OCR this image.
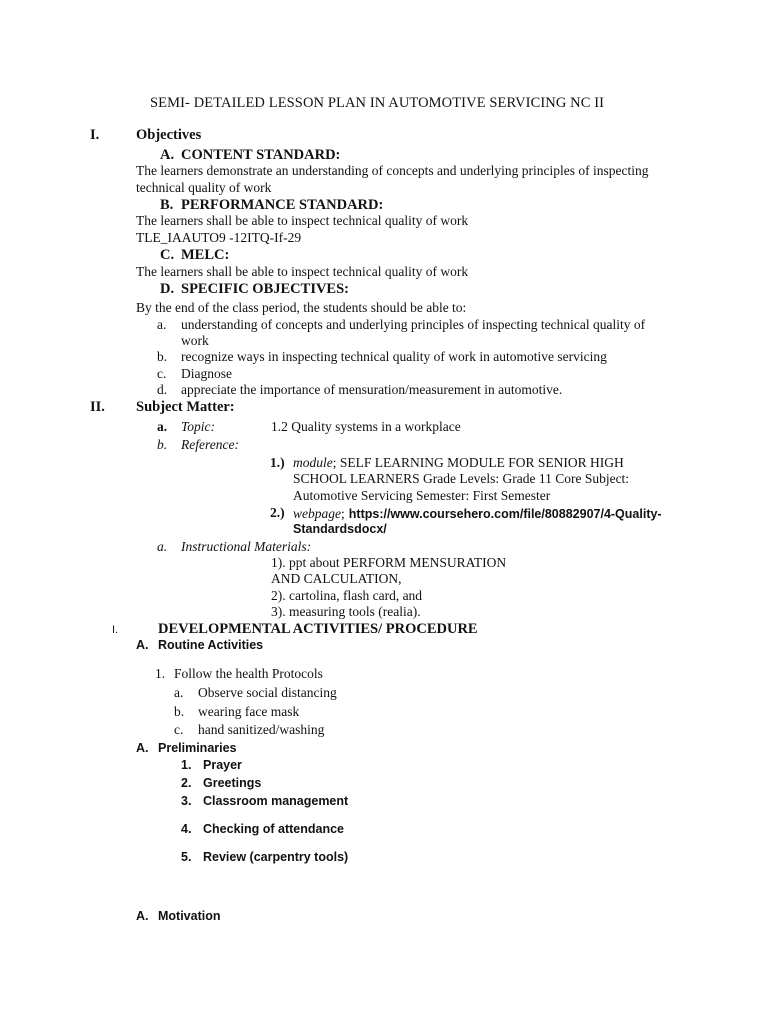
SEMI- DETAILED LESSON PLAN IN AUTOMOTIVE SERVICING NC II
I.	Objectives
A. CONTENT STANDARD:
The learners demonstrate an understanding of concepts and underlying principles of inspecting
technical quality of work
B. PERFORMANCE STANDARD:
The learners shall be able to inspect technical quality of work
TLE_IAAUTO9 -12ITQ-If-29
C. MELC:
The learners shall be able to inspect technical quality of work
D. SPECIFIC OBJECTIVES:
By the end of the class period, the students should be able to:
a. understanding of concepts and underlying principles of inspecting technical quality of
work
b. recognize ways in inspecting technical quality of work in automotive servicing
c. Diagnose
d. appreciate the importance of mensuration/measurement in automotive.
II. Subject Matter:
a. Topic:	1.2 Quality systems in a workplace
b. Reference:
1.) module; SELF LEARNING MODULE FOR SENIOR HIGH
SCHOOL LEARNERS Grade Levels: Grade 11 Core Subject:
Automotive Servicing Semester: First Semester
2.) webpage; https://www.coursehero.com/file/80882907/4-Quality-
Standardsdocx/
a. Instructional Materials:
1). ppt about PERFORM MENSURATION
AND CALCULATION,
2). cartolina, flash card, and
3). measuring tools (realia).
I.	DEVELOPMENTAL ACTIVITIES/ PROCEDURE
A. Routine Activities
1. Follow the health Protocols
a. Observe social distancing
b. wearing face mask
c. hand sanitized/washing
A. Preliminaries
1. Prayer
2. Greetings
3. Classroom management
4. Checking of attendance
5. Review (carpentry tools)
A. Motivation
